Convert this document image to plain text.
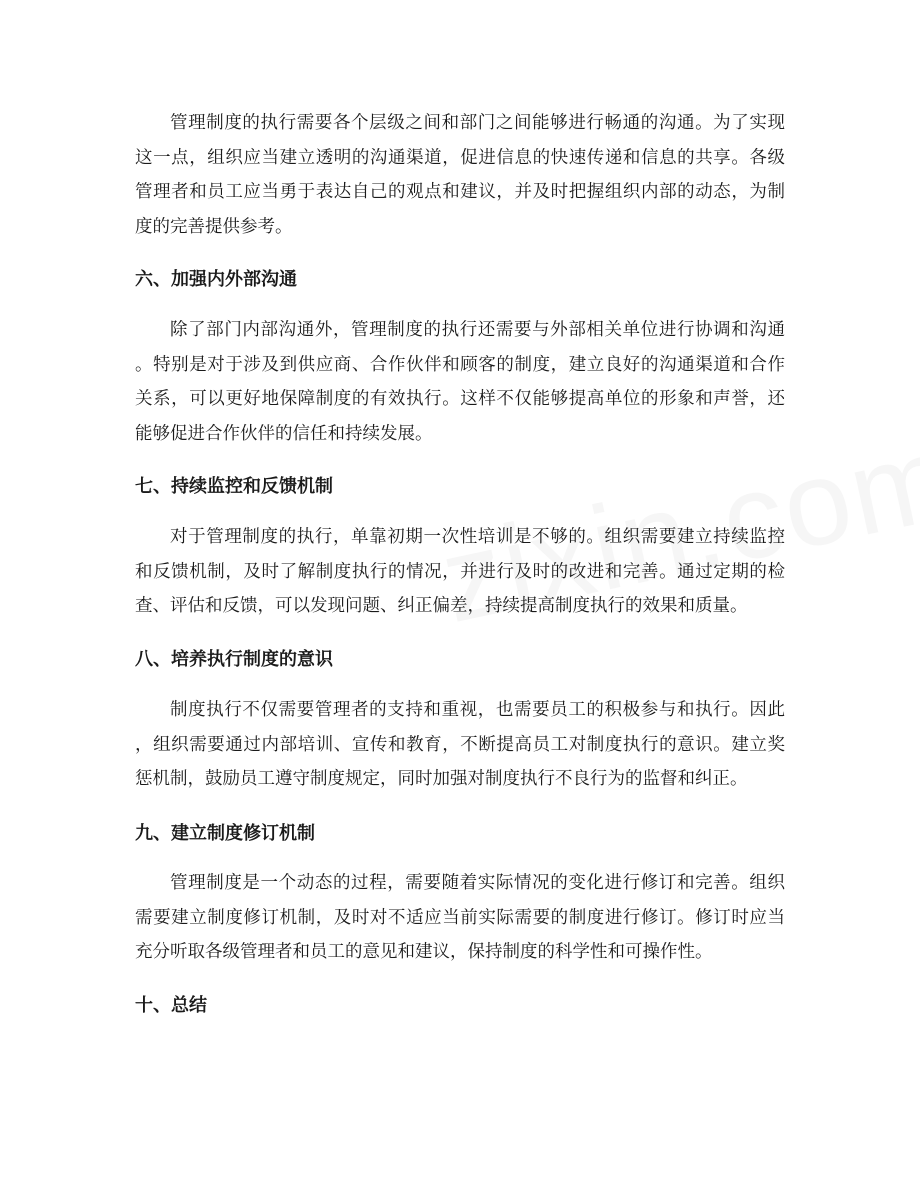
管理制度的执行需要各个层级之间和部门之间能够进行畅通的沟通。为了实现
这一点，组织应当建立透明的沟通渠道，促进信息的快速传递和信息的共享。各级
管理者和员工应当勇于表达自己的观点和建议，并及时把握组织内部的动态，为制
度的完善提供参考。

六、加强内外部沟通

除了部门内部沟通外，管理制度的执行还需要与外部相关单位进行协调和沟通
。特别是对于涉及到供应商、合作伙伴和顾客的制度，建立良好的沟通渠道和合作
关系，可以更好地保障制度的有效执行。这样不仅能够提高单位的形象和声誉，还
能够促进合作伙伴的信任和持续发展。

七、持续监控和反馈机制

对于管理制度的执行，单靠初期一次性培训是不够的。组织需要建立持续监控
和反馈机制，及时了解制度执行的情况，并进行及时的改进和完善。通过定期的检
查、评估和反馈，可以发现问题、纠正偏差，持续提高制度执行的效果和质量。

八、培养执行制度的意识

制度执行不仅需要管理者的支持和重视，也需要员工的积极参与和执行。因此
，组织需要通过内部培训、宣传和教育，不断提高员工对制度执行的意识。建立奖
惩机制，鼓励员工遵守制度规定，同时加强对制度执行不良行为的监督和纠正。

九、建立制度修订机制

管理制度是一个动态的过程，需要随着实际情况的变化进行修订和完善。组织
需要建立制度修订机制，及时对不适应当前实际需要的制度进行修订。修订时应当
充分听取各级管理者和员工的意见和建议，保持制度的科学性和可操作性。

十、总结
